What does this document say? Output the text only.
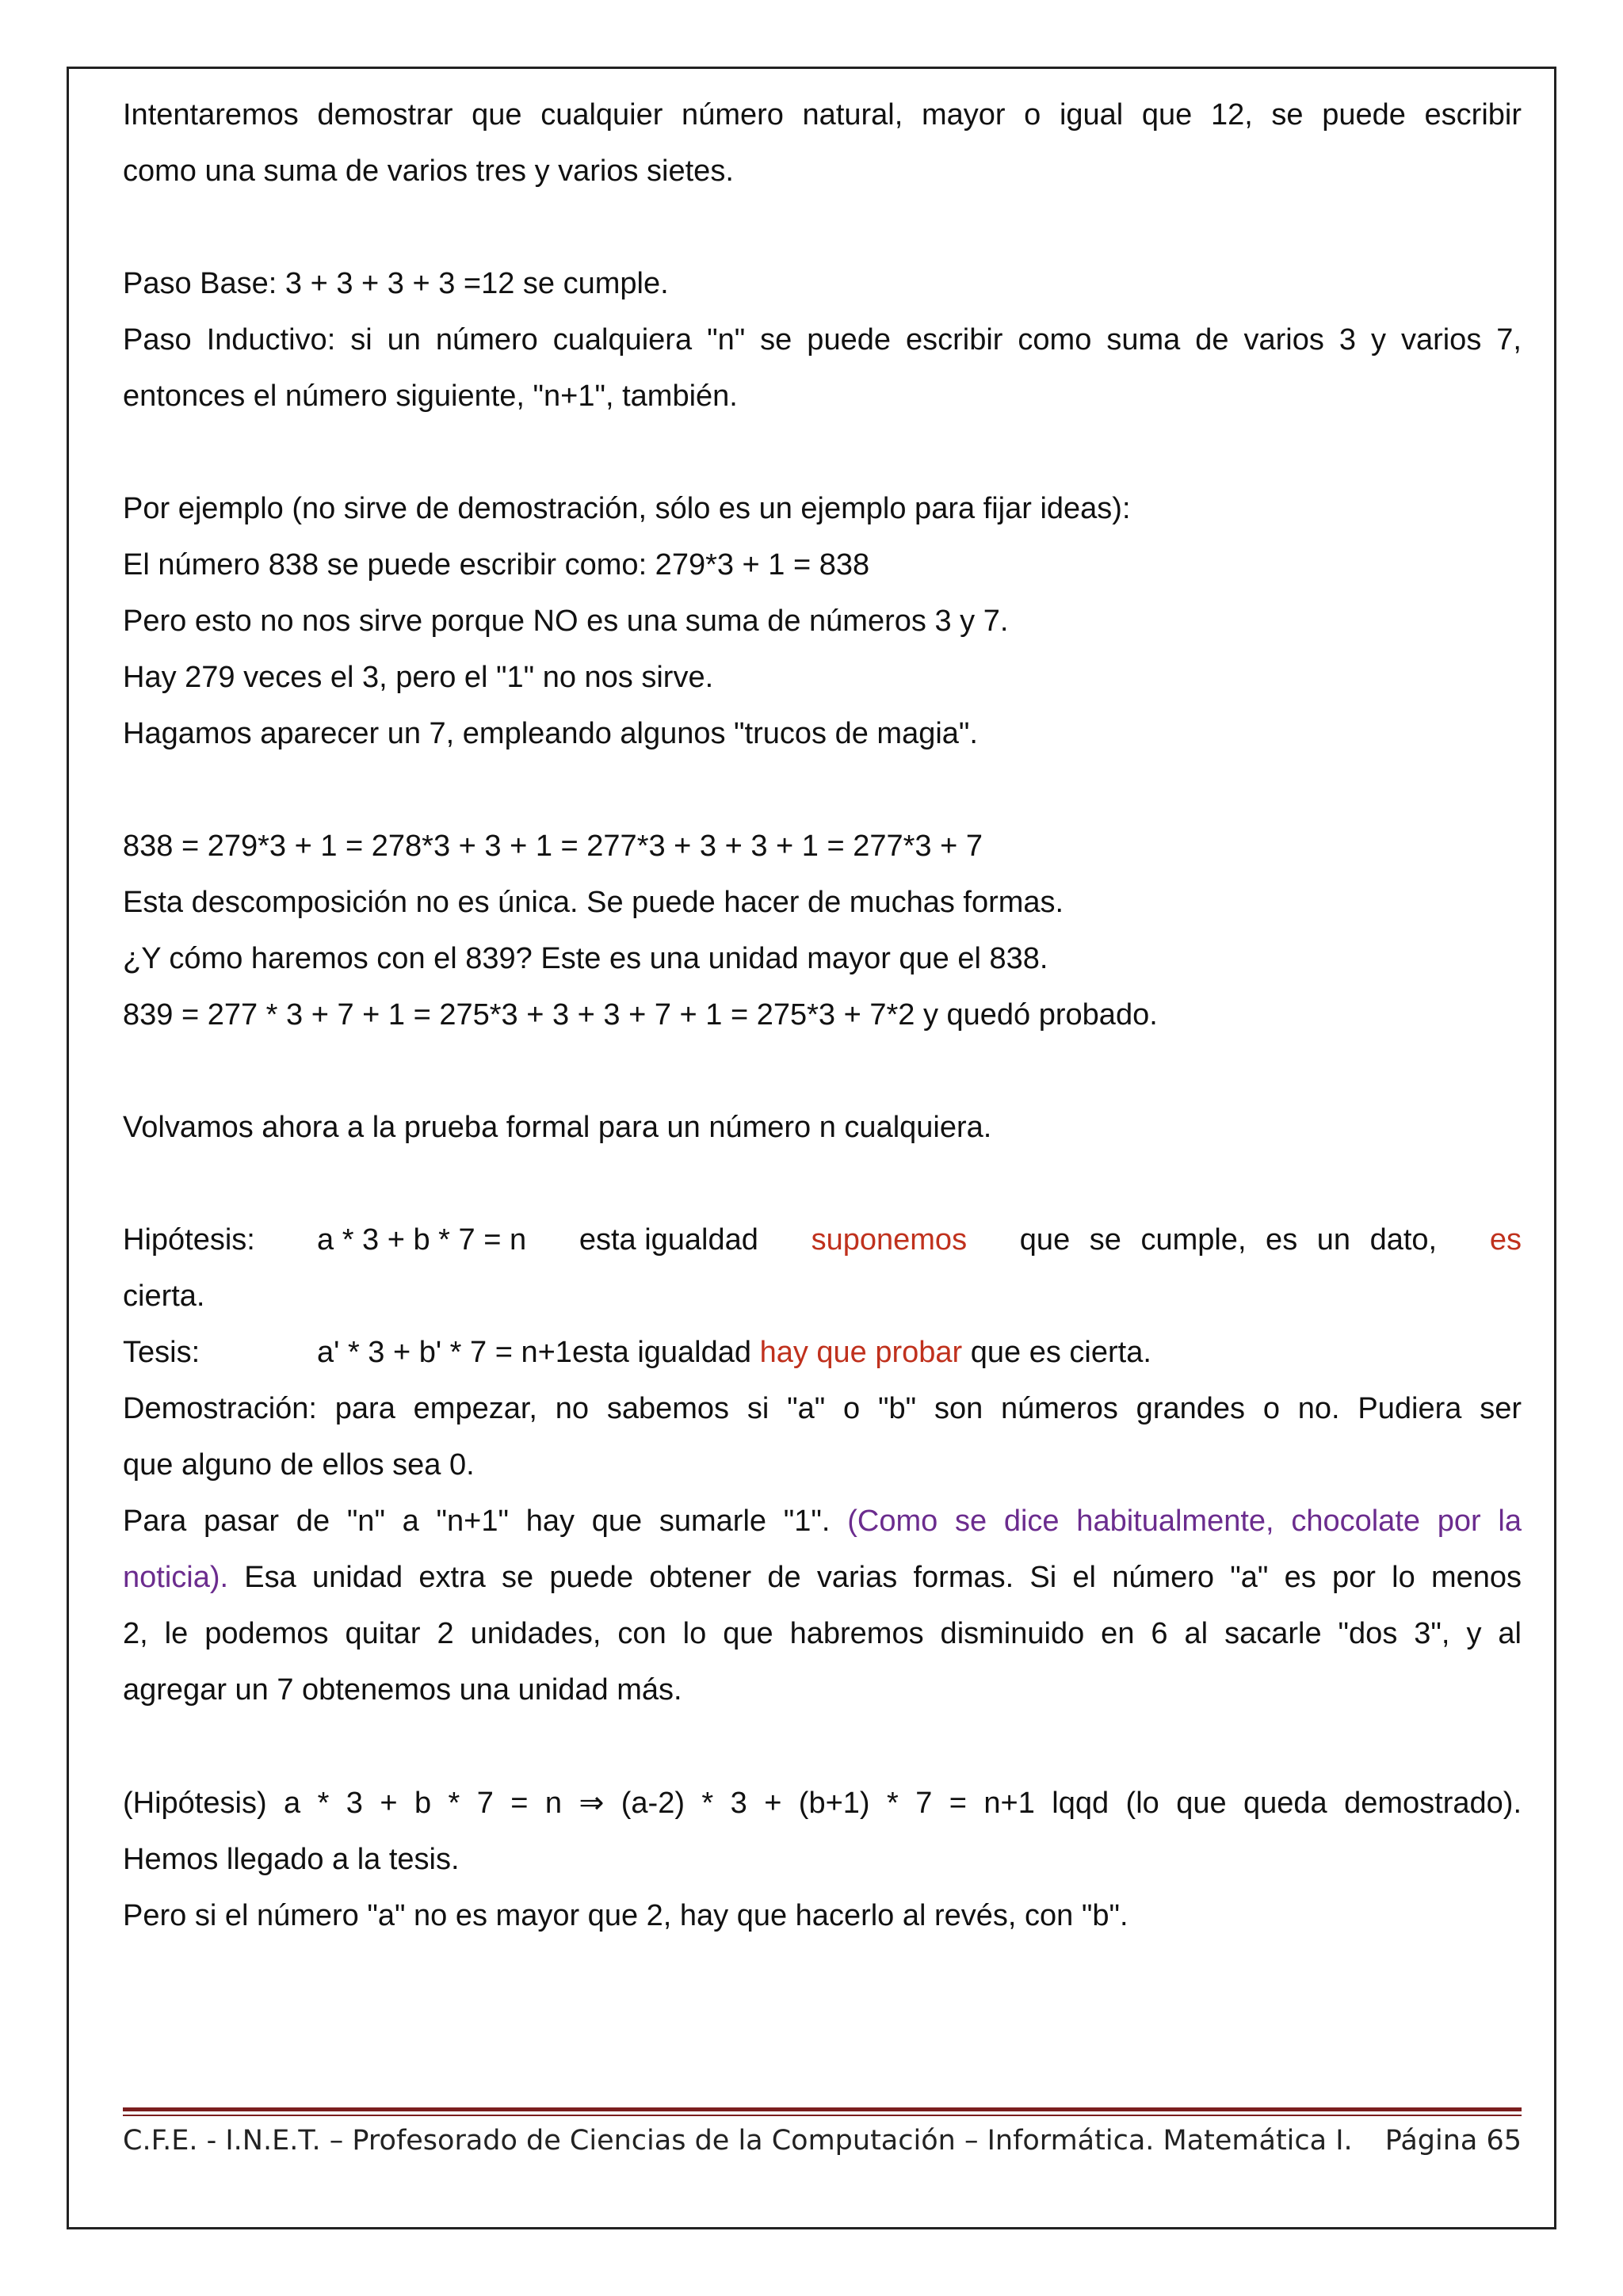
Intentaremos demostrar que cualquier número natural, mayor o igual que 12, se puede escribir
como una suma de varios tres y varios sietes.
Paso Base: 3 + 3 + 3 + 3 =12 se cumple.
Paso Inductivo: si un número cualquiera "n" se puede escribir como suma de varios 3 y varios 7,
entonces el número siguiente, "n+1", también.
Por ejemplo (no sirve de demostración, sólo es un ejemplo para fijar ideas):
El número 838 se puede escribir como: 279*3 + 1 = 838
Pero esto no nos sirve porque NO es una suma de números 3 y 7.
Hay 279 veces el 3, pero el "1" no nos sirve.
Hagamos aparecer un 7, empleando algunos "trucos de magia".
838 = 279*3 + 1 = 278*3 + 3 + 1 = 277*3 + 3 + 3 + 1 = 277*3 + 7
Esta descomposición no es única. Se puede hacer de muchas formas.
¿Y cómo haremos con el 839? Este es una unidad mayor que el 838.
839 = 277 * 3 + 7 + 1 = 275*3 + 3 + 3 + 7 + 1 = 275*3 + 7*2 y quedó probado.
Volvamos ahora a la prueba formal para un número n cualquiera.
Hipótesis: a * 3 + b * 7 = n esta igualdad suponemos que se cumple, es un dato, es
cierta.
Tesis:	a' * 3 + b' * 7 = n+1esta igualdad hay que probar que es cierta.
Demostración: para empezar, no sabemos si "a" o "b" son números grandes o no. Pudiera ser
que alguno de ellos sea 0.
Para pasar de "n" a "n+1" hay que sumarle "1". (Como se dice habitualmente, chocolate por la
noticia). Esa unidad extra se puede obtener de varias formas. Si el número "a" es por lo menos
2, le podemos quitar 2 unidades, con lo que habremos disminuido en 6 al sacarle "dos 3", y al
agregar un 7 obtenemos una unidad más.
(Hipótesis) a * 3 + b * 7 = n ⇒ (a-2) * 3 + (b+1) * 7 = n+1 lqqd (lo que queda demostrado).
Hemos llegado a la tesis.
Pero si el número "a" no es mayor que 2, hay que hacerlo al revés, con "b".
C.F.E. - I.N.E.T. – Profesorado de Ciencias de la Computación – Informática. Matemática I. Página 65
